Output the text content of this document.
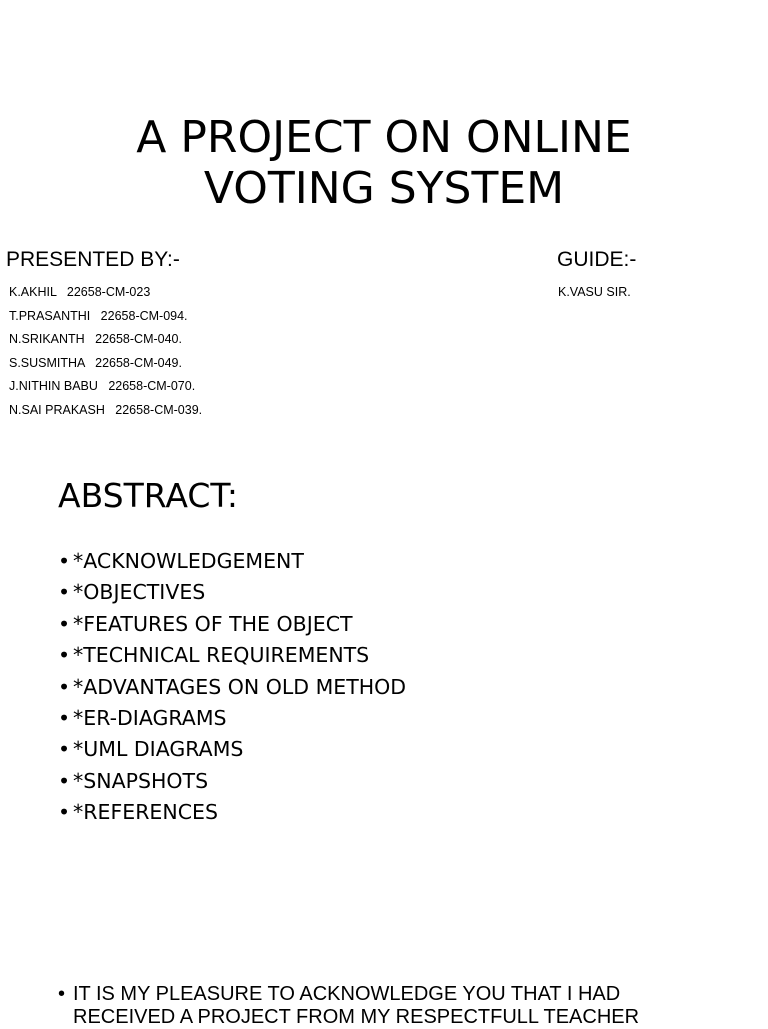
A PROJECT ON ONLINE
VOTING SYSTEM
PRESENTED BY:-	GUIDE:-
K.AKHIL   22658-CM-023
T.PRASANTHI   22658-CM-094.
N.SRIKANTH   22658-CM-040.
S.SUSMITHA   22658-CM-049.
J.NITHIN BABU   22658-CM-070.
N.SAI PRAKASH   22658-CM-039.
K.VASU SIR.
ABSTRACT:
• *ACKNOWLEDGEMENT
• *OBJECTIVES
• *FEATURES OF THE OBJECT
• *TECHNICAL REQUIREMENTS
• *ADVANTAGES ON OLD METHOD
• *ER-DIAGRAMS
• *UML DIAGRAMS
• *SNAPSHOTS
• *REFERENCES
• IT IS MY PLEASURE TO ACKNOWLEDGE YOU THAT I HAD RECEIVED A PROJECT FROM MY RESPECTFULL TEACHER
